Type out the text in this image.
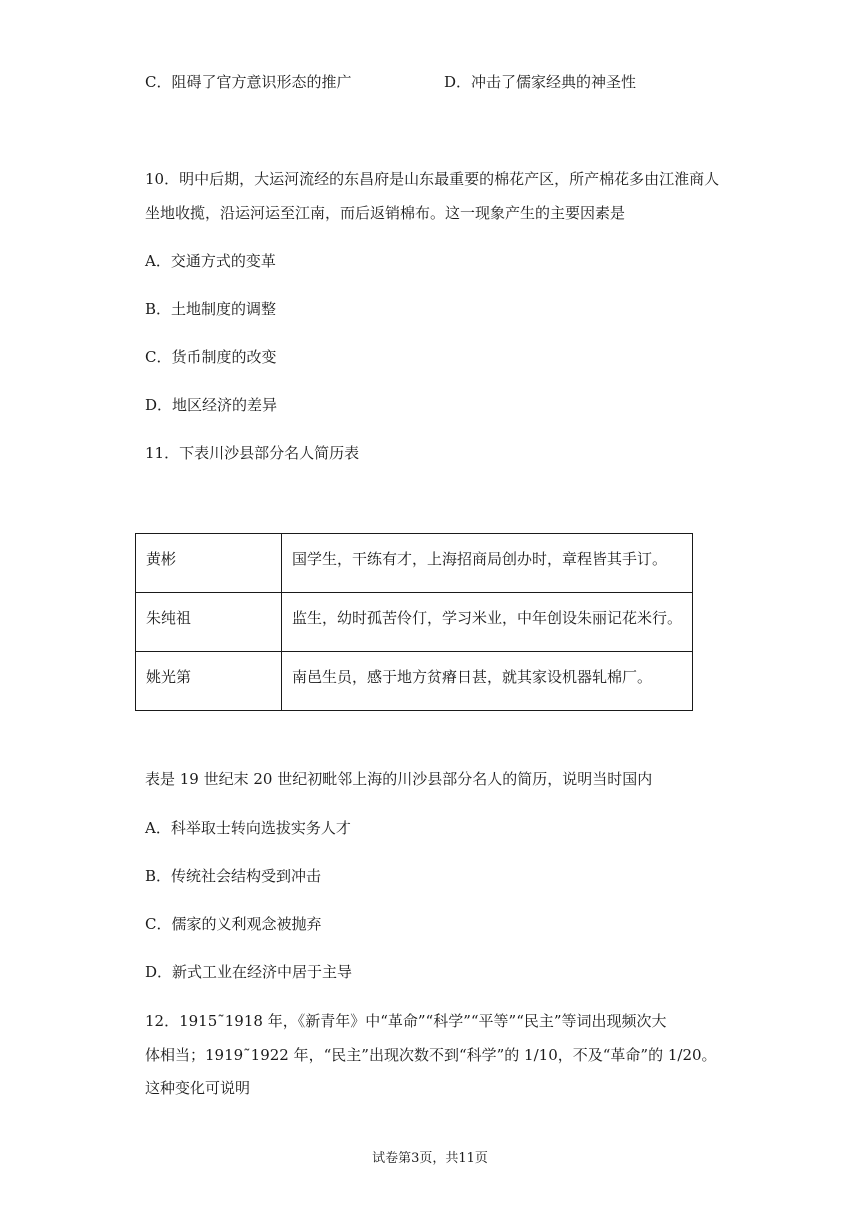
C．阻碍了官方意识形态的推广	D．冲击了儒家经典的神圣性
10．明中后期，大运河流经的东昌府是山东最重要的棉花产区，所产棉花多由江淮商人
坐地收揽，沿运河运至江南，而后返销棉布。这一现象产生的主要因素是
A．交通方式的变革
B．土地制度的调整
C．货币制度的改变
D．地区经济的差异
11．下表川沙县部分名人简历表
黄彬	国学生，干练有才，上海招商局创办时，章程皆其手订。
朱纯祖	监生，幼时孤苦伶仃，学习米业，中年创设朱丽记花米行。
姚光第	南邑生员，感于地方贫瘠日甚，就其家设机器轧棉厂。
表是 19 世纪末 20 世纪初毗邻上海的川沙县部分名人的简历，说明当时国内
A．科举取士转向选拔实务人才
B．传统社会结构受到冲击
C．儒家的义利观念被抛弃
D．新式工业在经济中居于主导
12．1915˜1918 年，《新青年》中“革命”“科学”“平等”“民主”等词出现频次大
体相当；1919˜1922 年，“民主”出现次数不到“科学”的 1/10，不及“革命”的 1/20。
这种变化可说明
试卷第3页，共11页
